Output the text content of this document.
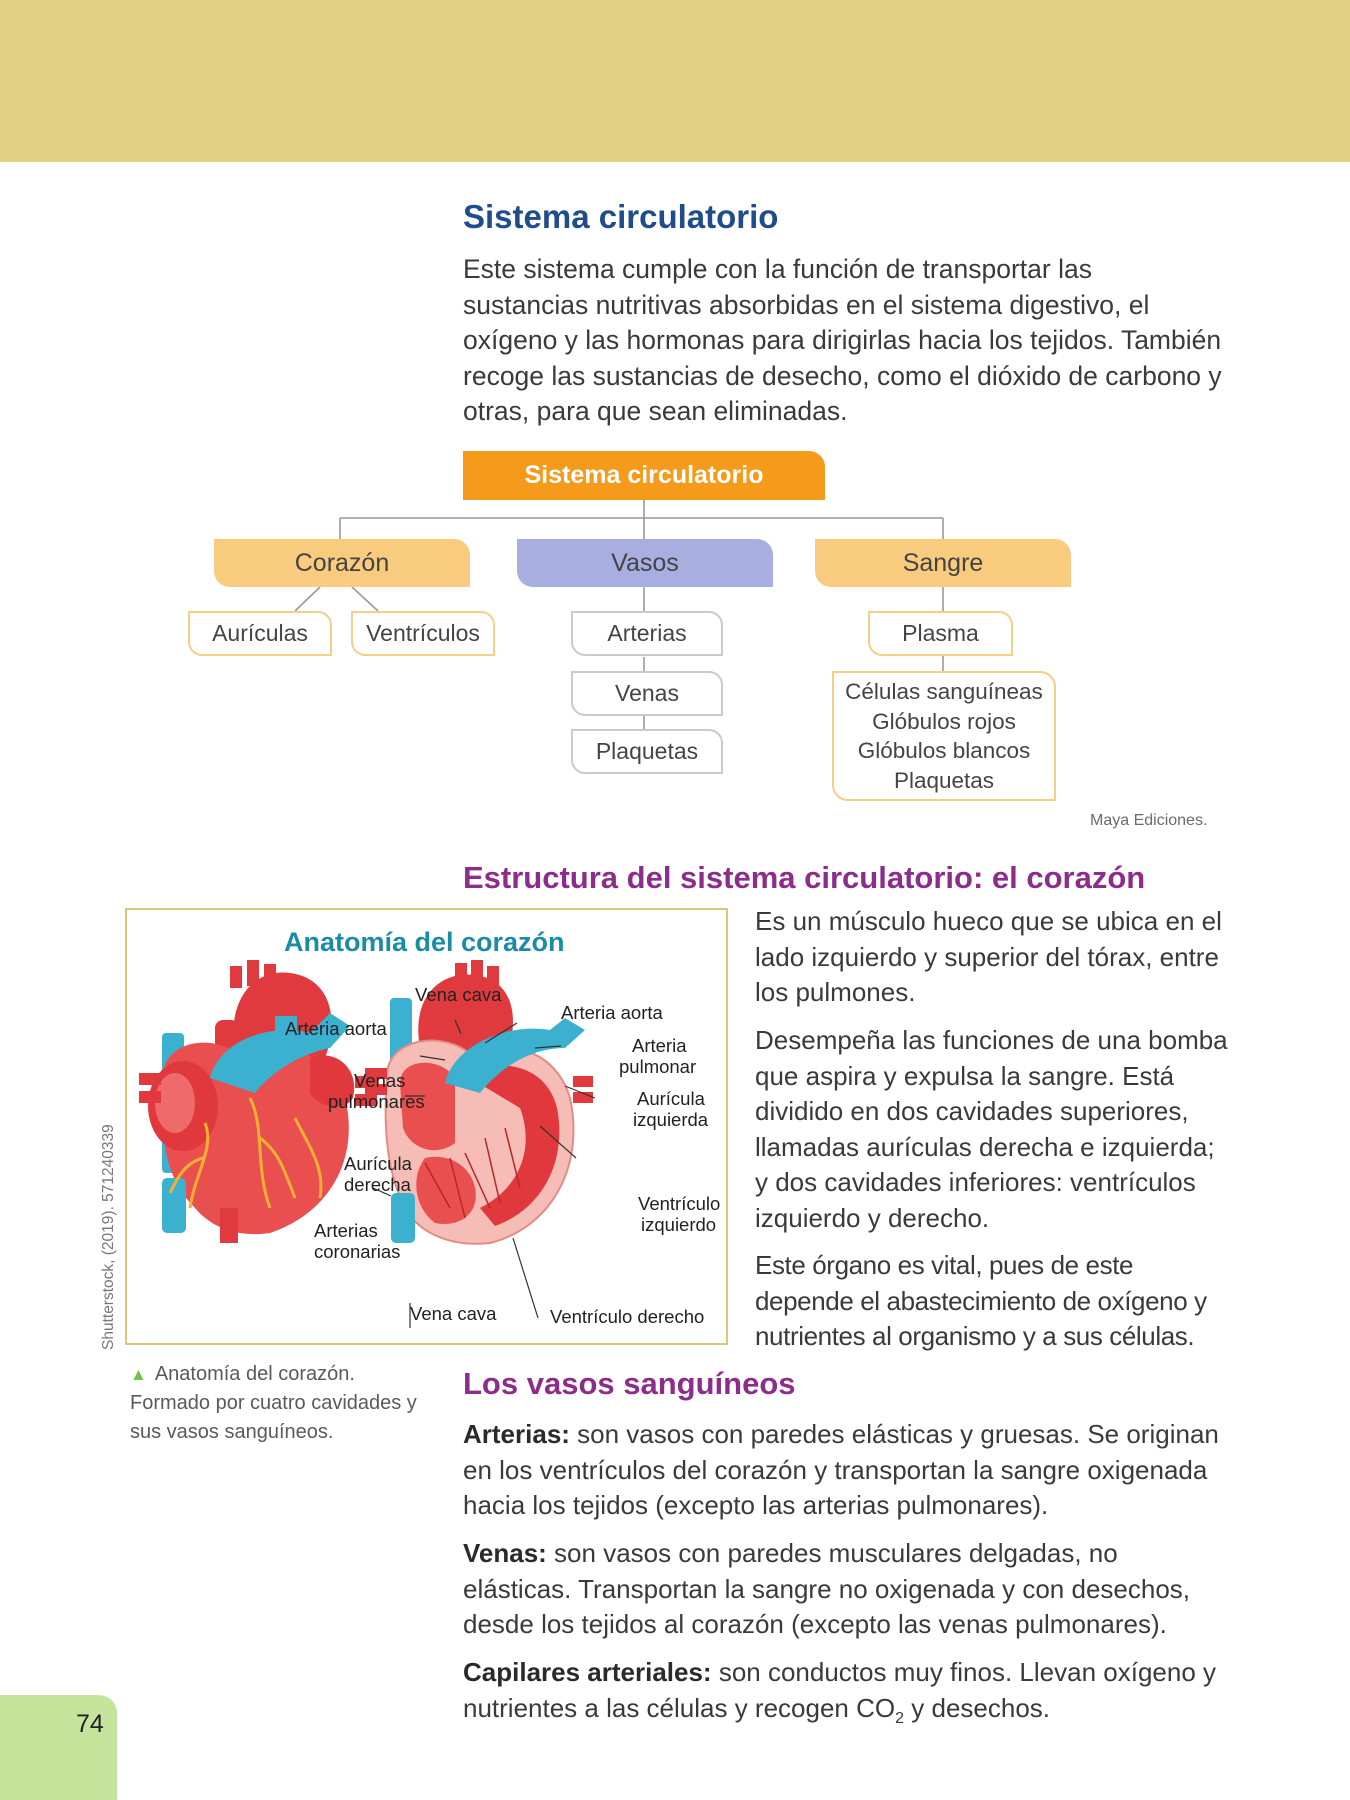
Sistema circulatorio

Este sistema cumple con la función de transportar las sustancias nutritivas absorbidas en el sistema digestivo, el oxígeno y las hormonas para dirigirlas hacia los tejidos. También recoge las sustancias de desecho, como el dióxido de carbono y otras, para que sean eliminadas.

Sistema circulatorio
Corazón	Vasos	Sangre
Aurículas	Ventrículos	Arterias
Venas
Plaquetas
Plasma
Células sanguíneas
Glóbulos rojos
Glóbulos blancos
Plaquetas
Maya Ediciones.
Estructura del sistema circulatorio: el corazón

Es un músculo hueco que se ubica en el lado izquierdo y superior del tórax, entre los pulmones.

Desempeña las funciones de una bomba que aspira y expulsa la sangre. Está dividido en dos cavidades superiores, llamadas aurículas derecha e izquierda; y dos cavidades inferiores: ventrículos izquierdo y derecho.

Este órgano es vital, pues de este depende el abastecimiento de oxígeno y nutrientes al organismo y a sus células.

Anatomía del corazón
Vena cava
Arteria aorta
Arteria aorta
Arteria
pulmonar
Venas
pulmonares	Aurícula
izquierda
Aurícula
derecha
Ventrículo
izquierdo
Arterias
coronarias
Vena cava	Ventrículo derecho
Shutterstock, (2019). 571240339
▲ Anatomía del corazón. Formado por cuatro cavidades y sus vasos sanguíneos.
Los vasos sanguíneos

Arterias: son vasos con paredes elásticas y gruesas. Se originan en los ventrículos del corazón y transportan la sangre oxigenada hacia los tejidos (excepto las arterias pulmonares).

Venas: son vasos con paredes musculares delgadas, no elásticas. Transportan la sangre no oxigenada y con desechos, desde los tejidos al corazón (excepto las venas pulmonares).

Capilares arteriales: son conductos muy finos. Llevan oxígeno y nutrientes a las células y recogen $CO_2$ y desechos.

74
